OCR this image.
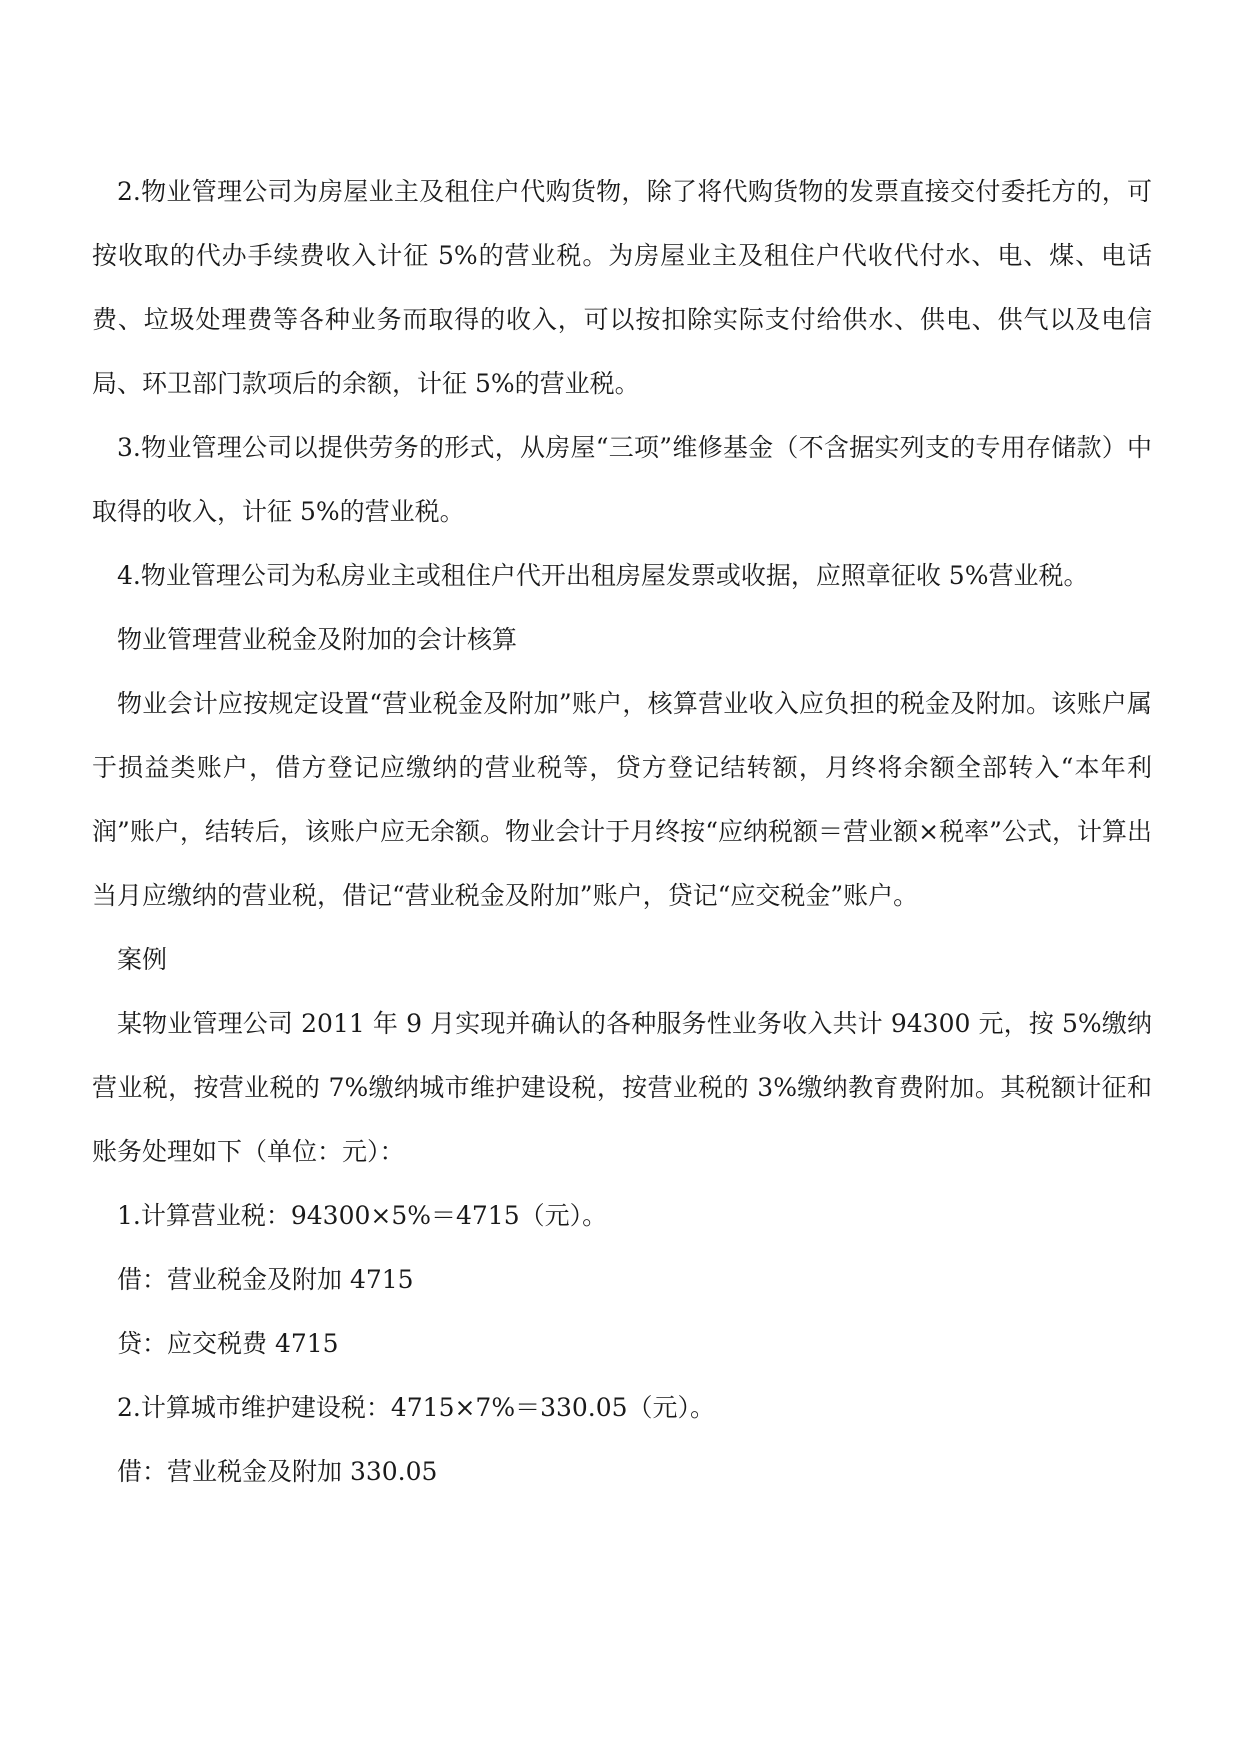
2.物业管理公司为房屋业主及租住户代购货物，除了将代购货物的发票直接交付委托方的，可按收取的代办手续费收入计征 5%的营业税。为房屋业主及租住户代收代付水、电、煤、电话费、垃圾处理费等各种业务而取得的收入，可以按扣除实际支付给供水、供电、供气以及电信局、环卫部门款项后的余额，计征 5%的营业税。

3.物业管理公司以提供劳务的形式，从房屋“三项”维修基金（不含据实列支的专用存储款）中取得的收入，计征 5%的营业税。

4.物业管理公司为私房业主或租住户代开出租房屋发票或收据，应照章征收 5%营业税。

物业管理营业税金及附加的会计核算

物业会计应按规定设置“营业税金及附加”账户，核算营业收入应负担的税金及附加。该账户属于损益类账户，借方登记应缴纳的营业税等，贷方登记结转额，月终将余额全部转入“本年利润”账户，结转后，该账户应无余额。物业会计于月终按“应纳税额＝营业额×税率”公式，计算出当月应缴纳的营业税，借记“营业税金及附加”账户，贷记“应交税金”账户。

案例

某物业管理公司 2011 年 9 月实现并确认的各种服务性业务收入共计 94300 元，按 5%缴纳营业税，按营业税的 7%缴纳城市维护建设税，按营业税的 3%缴纳教育费附加。其税额计征和账务处理如下（单位：元）：

1.计算营业税：94300×5%＝4715（元）。

借：营业税金及附加 4715

贷：应交税费 4715

2.计算城市维护建设税：4715×7%＝330.05（元）。

借：营业税金及附加 330.05
